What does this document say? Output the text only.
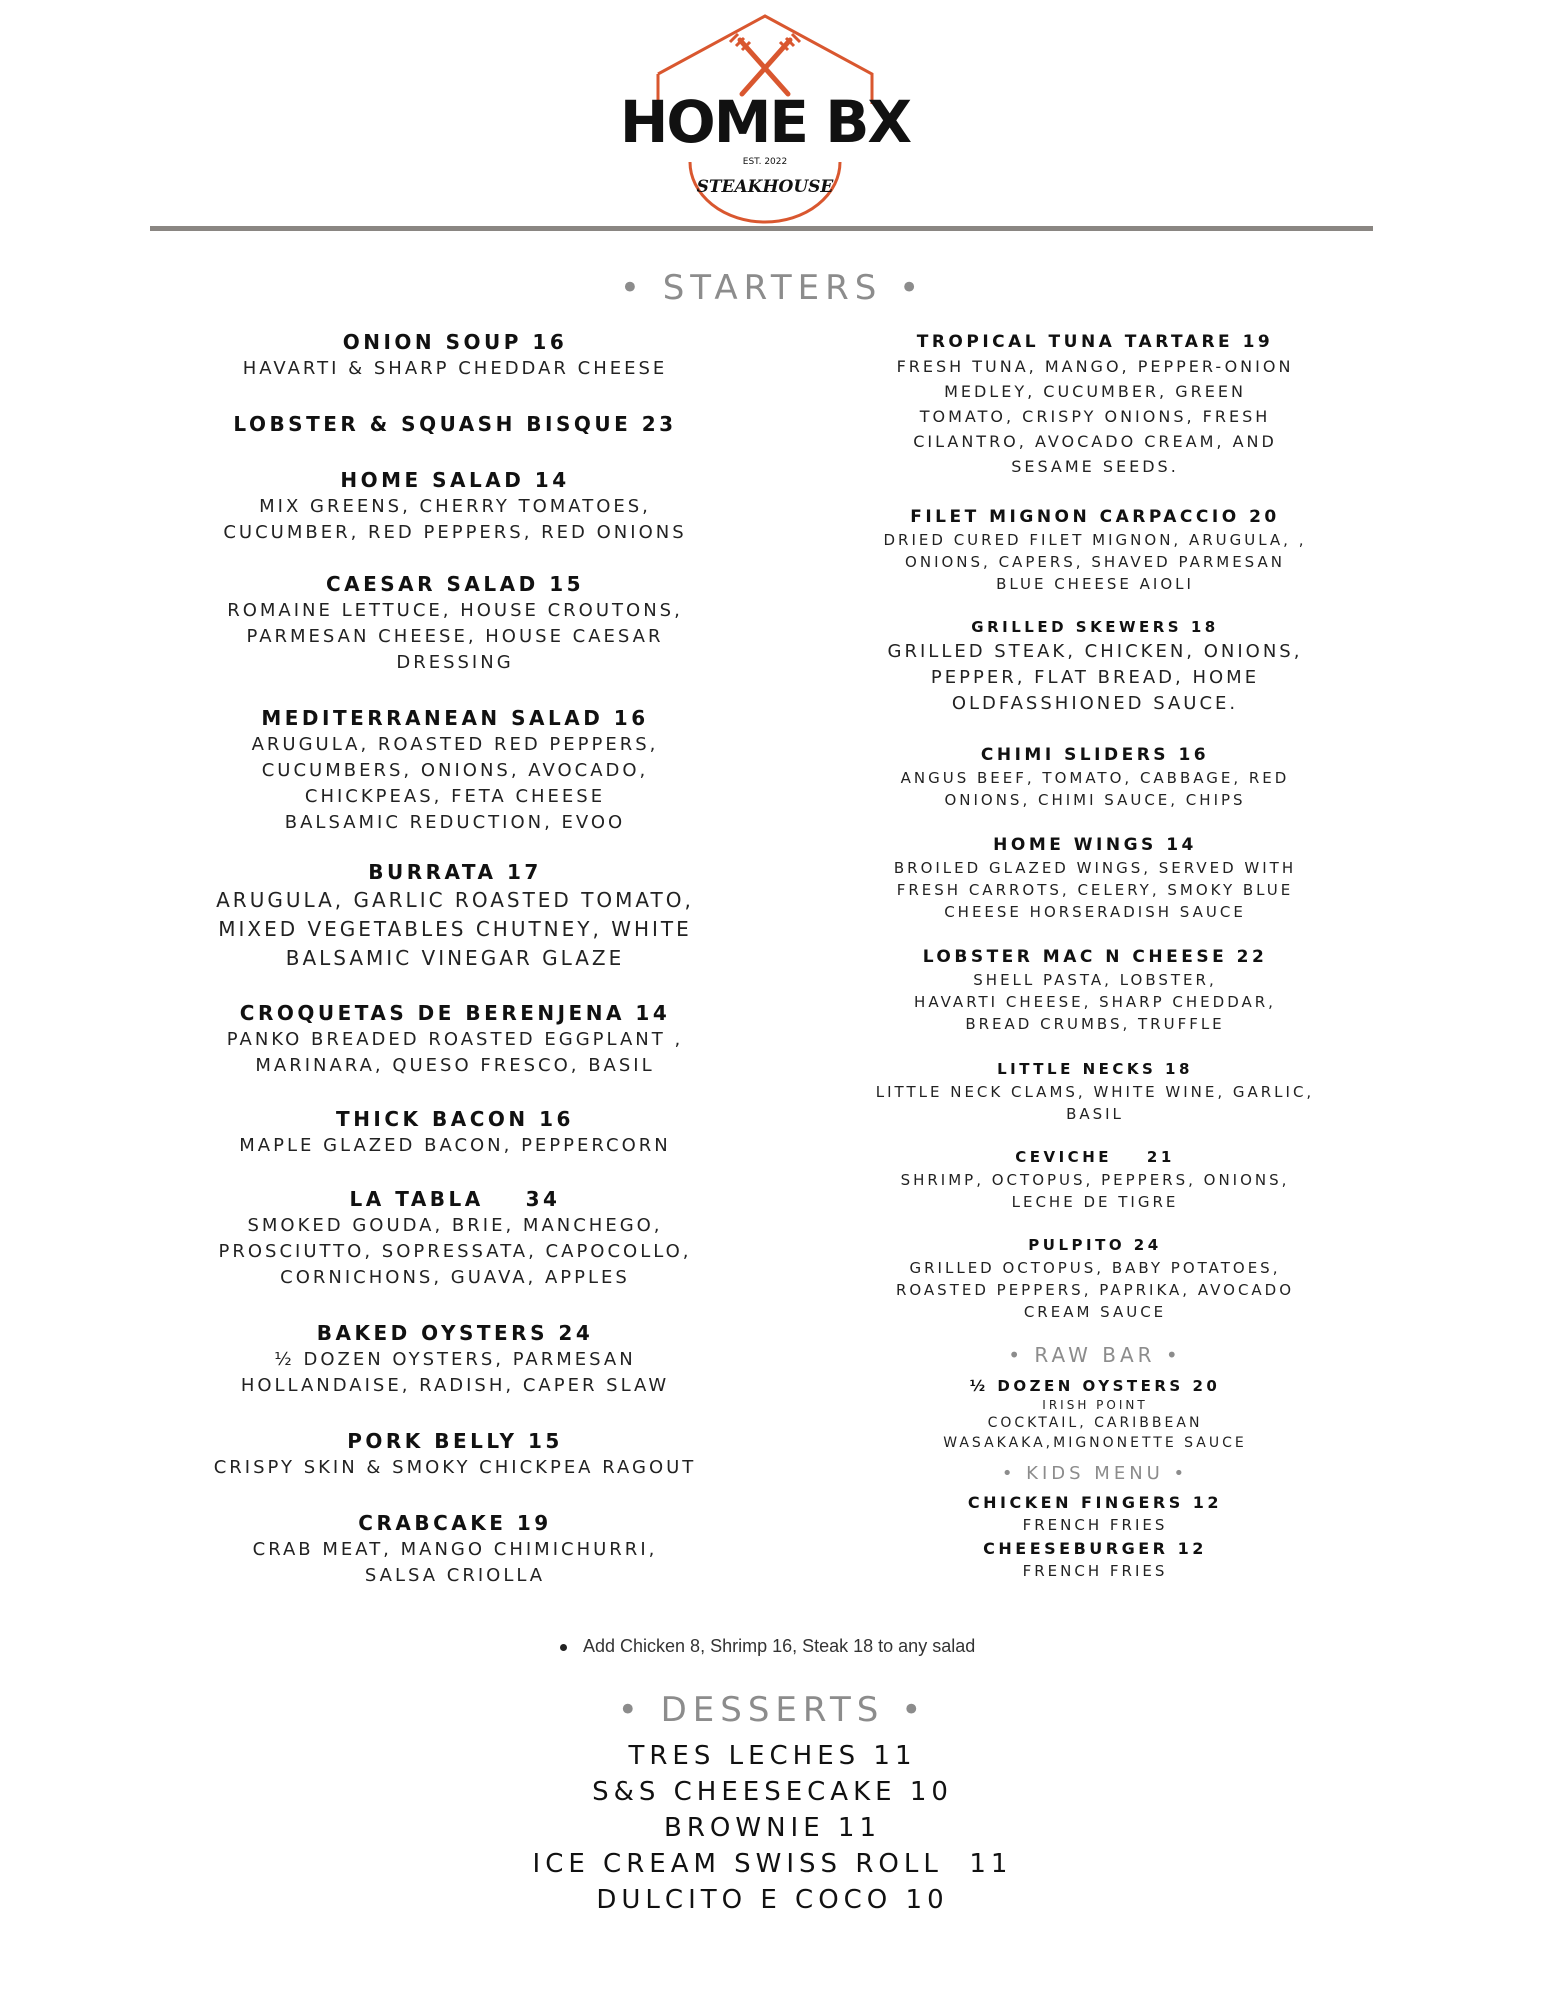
HOME BX
EST. 2022
STEAKHOUSE
• STARTERS •
ONION SOUP 16
HAVARTI & SHARP CHEDDAR CHEESE
LOBSTER & SQUASH BISQUE 23
HOME SALAD 14
MIX GREENS, CHERRY TOMATOES,
CUCUMBER, RED PEPPERS, RED ONIONS
CAESAR SALAD 15
ROMAINE LETTUCE, HOUSE CROUTONS,
PARMESAN CHEESE, HOUSE CAESAR
DRESSING
MEDITERRANEAN SALAD 16
ARUGULA, ROASTED RED PEPPERS,
CUCUMBERS, ONIONS, AVOCADO,
CHICKPEAS, FETA CHEESE
BALSAMIC REDUCTION, EVOO
BURRATA 17
ARUGULA, GARLIC ROASTED TOMATO,
MIXED VEGETABLES CHUTNEY, WHITE
BALSAMIC VINEGAR GLAZE
CROQUETAS DE BERENJENA 14
PANKO BREADED ROASTED EGGPLANT ,
MARINARA, QUESO FRESCO, BASIL
THICK BACON 16
MAPLE GLAZED BACON, PEPPERCORN
LA TABLA    34
SMOKED GOUDA, BRIE, MANCHEGO,
PROSCIUTTO, SOPRESSATA, CAPOCOLLO,
CORNICHONS, GUAVA, APPLES
BAKED OYSTERS 24
½ DOZEN OYSTERS, PARMESAN
HOLLANDAISE, RADISH, CAPER SLAW
PORK BELLY 15
CRISPY SKIN & SMOKY CHICKPEA RAGOUT
CRABCAKE 19
CRAB MEAT, MANGO CHIMICHURRI,
SALSA CRIOLLA
TROPICAL TUNA TARTARE 19
FRESH TUNA, MANGO, PEPPER-ONION
MEDLEY, CUCUMBER, GREEN
TOMATO, CRISPY ONIONS, FRESH
CILANTRO, AVOCADO CREAM, AND
SESAME SEEDS.
FILET MIGNON CARPACCIO 20
DRIED CURED FILET MIGNON, ARUGULA, ,
ONIONS, CAPERS, SHAVED PARMESAN
BLUE CHEESE AIOLI
GRILLED SKEWERS 18
GRILLED STEAK, CHICKEN, ONIONS,
PEPPER, FLAT BREAD, HOME
OLDFASSHIONED SAUCE.
CHIMI SLIDERS 16
ANGUS BEEF, TOMATO, CABBAGE, RED
ONIONS, CHIMI SAUCE, CHIPS
HOME WINGS 14
BROILED GLAZED WINGS, SERVED WITH
FRESH CARROTS, CELERY, SMOKY BLUE
CHEESE HORSERADISH SAUCE
LOBSTER MAC N CHEESE 22
SHELL PASTA, LOBSTER,
HAVARTI CHEESE, SHARP CHEDDAR,
BREAD CRUMBS, TRUFFLE
LITTLE NECKS 18
LITTLE NECK CLAMS, WHITE WINE, GARLIC,
BASIL
CEVICHE    21
SHRIMP, OCTOPUS, PEPPERS, ONIONS,
LECHE DE TIGRE
PULPITO 24
GRILLED OCTOPUS, BABY POTATOES,
ROASTED PEPPERS, PAPRIKA, AVOCADO
CREAM SAUCE
• RAW BAR •
½ DOZEN OYSTERS 20
IRISH POINT
COCKTAIL, CARIBBEAN
WASAKAKA,MIGNONETTE SAUCE
• KIDS MENU •
CHICKEN FINGERS 12
FRENCH FRIES
CHEESEBURGER 12
FRENCH FRIES
Add Chicken 8, Shrimp 16, Steak 18 to any salad
• DESSERTS •
TRES LECHES 11
S&S CHEESECAKE 10
BROWNIE 11
ICE CREAM SWISS ROLL  11
DULCITO E COCO 10
